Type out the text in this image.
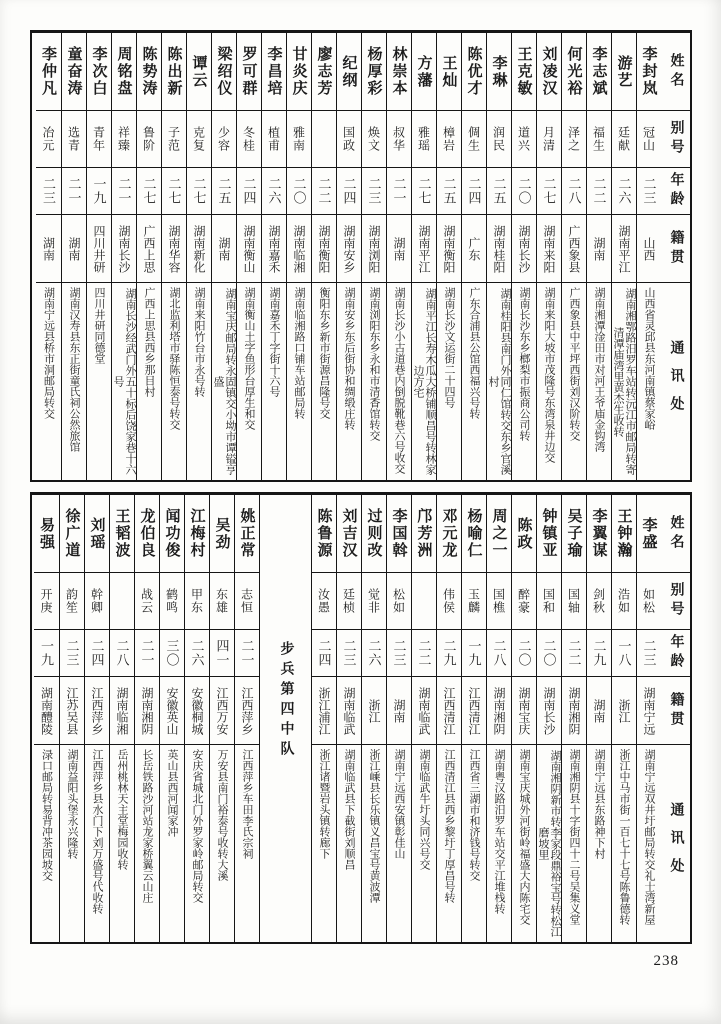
姓名
别号
年龄
籍贯
通讯处
李封岚
冠山
二三
山西
山西省灵邱县东河南镇蔡家峪
游艺
廷献
二六
湖南平江
湖南湘鄂路汨罗车站转沅江市邮局转寄清潭庙湾里黄杰生收转
李志斌
福生
二二
湖南
湖南湘潭淦田市对河王爷庙金钩湾
何光裕
泽之
二八
广西象县
广西象县中平坪西街刘汉阶转交
刘凌汉
月清
二七
湖南来阳
湖南来阳大坡市茂隆号东湾泉井边交
王克敏
道兴
二〇
湖南长沙
湖南长沙东乡榔梨市振商公司转
李琳
润民
二五
湖南桂阳
湖南桂阳县南门外同仁馆转交东乡官溪村
陈优才
倜生
二四
广东
广东合浦县公馆西福兴号转
王灿
樟岩
二五
湖南衡阳
湖南长沙文运街二十四号
方藩
雅瑶
二七
湖南平江
湖南平江长寿木瓜大桥铺顺昌号转林家边方宅
林崇本
叔华
二一
湖南
湖南长沙小古道巷内倒脱靴巷六号收交
杨厚彩
焕文
二三
湖南浏阳
湖南浏阳东乡永和市清香馆转交
纪纲
国政
二四
湖南安乡
湖南安乡东后街协和绸缎庄转
廖志芳
二二
湖南衡阳
衡阳东乡新市街源昌隆号交
甘炎庆
雅南
二〇
湖南临湘
湖南临湘路口铺车站邮局转
李昌培
植甫
二六
湖南嘉禾
湖南嘉禾丁字街十六号
罗可群
冬桂
二四
湖南衡山
湖南衡山土字鱼形台厚生和交
梁绍仪
少容
二五
湖南
湖南宝庆邮局转永固镇交小坳市谭镒亨盛
谭云
克复
二七
湖南新化
湖南来阳竹台市永号转
陈出新
子范
二七
湖南华容
湖北监利塔市驿陈恒泰号转交
陈势涛
鲁阶
二七
广西上思
广西上思县西乡那目村
周铭盘
祥臻
二一
湖南长沙
湖南长沙经武门外五十标后饶家巷十六号
李次白
青年
一九
四川井研
四川井研同德堂
童奋涛
选青
二一
湖南
湖南汉寿县东正街童氏祠公然旅馆
李仲凡
冶元
二三
湖南
湖南宁远县桥市洞邮局转交
姓名
别号
年龄
籍贯
通讯处
李盛
如松
二三
湖南宁远
湖南宁远双井圩邮局转交礼士湾新屋
王钟瀚
浩如
一八
浙江
浙江中马市街一百七十七号陈鲁德转
李翼谋
剑秋
二九
湖南
湖南宁远县东路神下村
吴子瑜
国轴
二二
湖南湘阴
湖南湘阴县十字街四十二号吴集义堂
钟镇亚
国和
二〇
湖南长沙
湖南湘阴新市转李家段鼎裕宝号转松江磨坡里
陈政
醉豪
二〇
湖南宝庆
湖南宝庆城外河街岭福盛大内陈宅交
周之一
国樵
二八
湖南湘阴
湖南粤汉路汨罗车站交平江堆栈转
杨喻仁
玉麟
一九
江西清江
江西省三湖市和济钱号转交
邓元龙
伟侯
二九
江西清江
江西清江县西乡黎圩丁厚昌号转
邝芳洲
二二
湖南临武
湖南临武牛圩头同兴号交
李国斡
松如
二三
湖南
湖南宁远西安镇彰佳山
过则改
觉非
二六
浙江
浙江嵊县长乐镇义昌宝号黄波潭
刘吉汉
廷桢
二三
湖南临武
湖南临武县下截街刘顺昌
陈鲁源
汝愚
二四
浙江浦江
浙江诸暨岩头镇转廊下
步兵第四中队
姚正常
志恒
二一
江西萍乡
江西萍乡车田李氏宗祠
吴劲
东雄
四一
江西万安
万安县南门裕泰号收转大溪
江梅村
甲东
二六
安徽桐城
安庆省城北门外罗家岭邮局转交
闻功俊
鹤鸣
三〇
安徽英山
英山县西河闻家冲
龙伯良
战云
二一
湖南湘阴
长岳铁路沙河站龙家桥翼云山庄
王韬波
二八
湖南临湘
岳州桃林天主堂梅园收转
刘瑶
幹卿
二四
江西萍乡
江西萍乡县水门下刘万盛号代收转
徐广道
韵笙
二三
江苏吴县
湖南益阳头堡永兴隆转
易强
开庚
一九
湖南醴陵
渌口邮局转易背冲茶园坡交
238
